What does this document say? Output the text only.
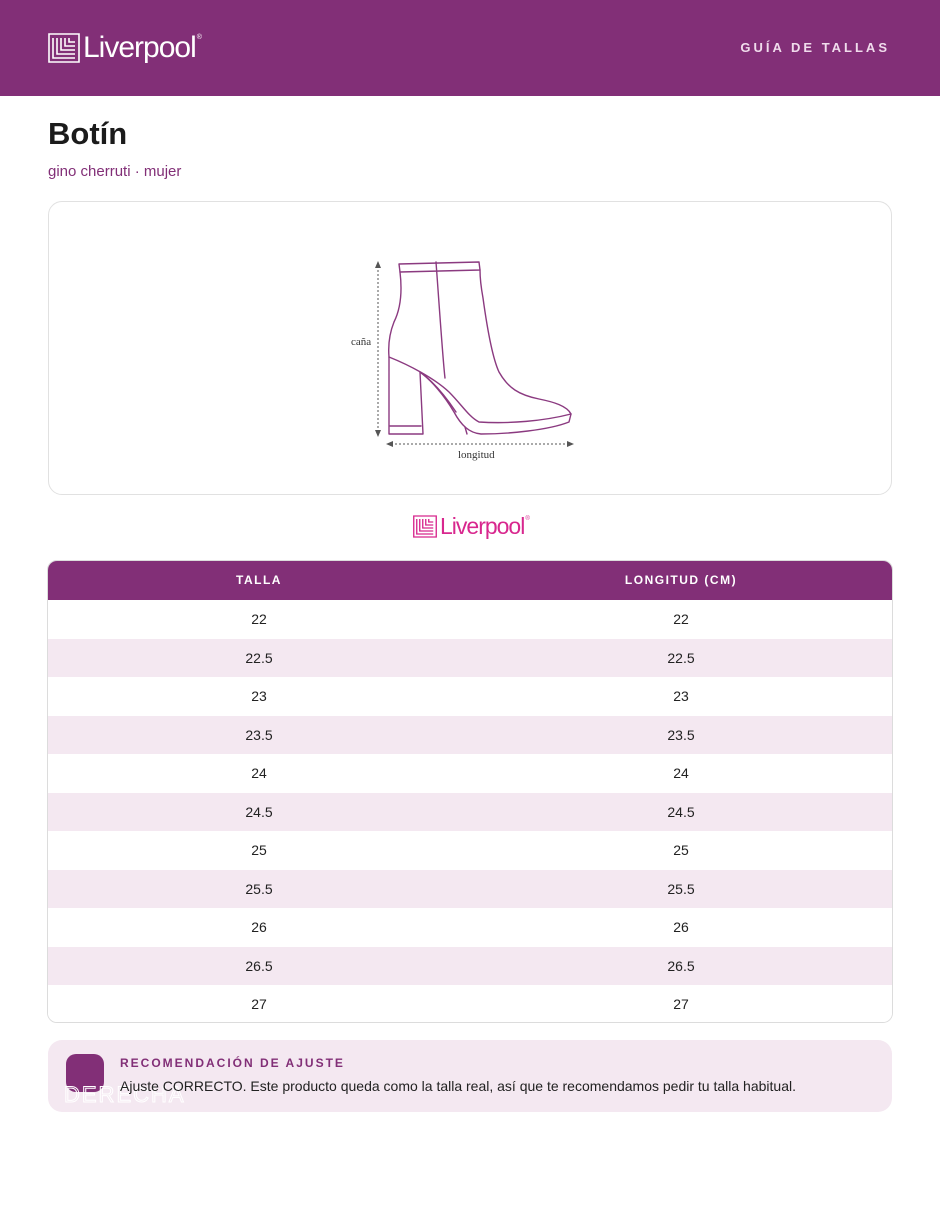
Liverpool ®
GUÍA DE TALLAS
Botín
gino cherruti · mujer
caña
longitud
Liverpool ®
TALLA	LONGITUD (CM)
22	22
22.5	22.5
23	23
23.5	23.5
24	24
24.5	24.5
25	25
25.5	25.5
26	26
26.5	26.5
27	27
DERECHA
RECOMENDACIÓN DE AJUSTE
Ajuste CORRECTO. Este producto queda como la talla real, así que te recomendamos pedir tu talla habitual.
